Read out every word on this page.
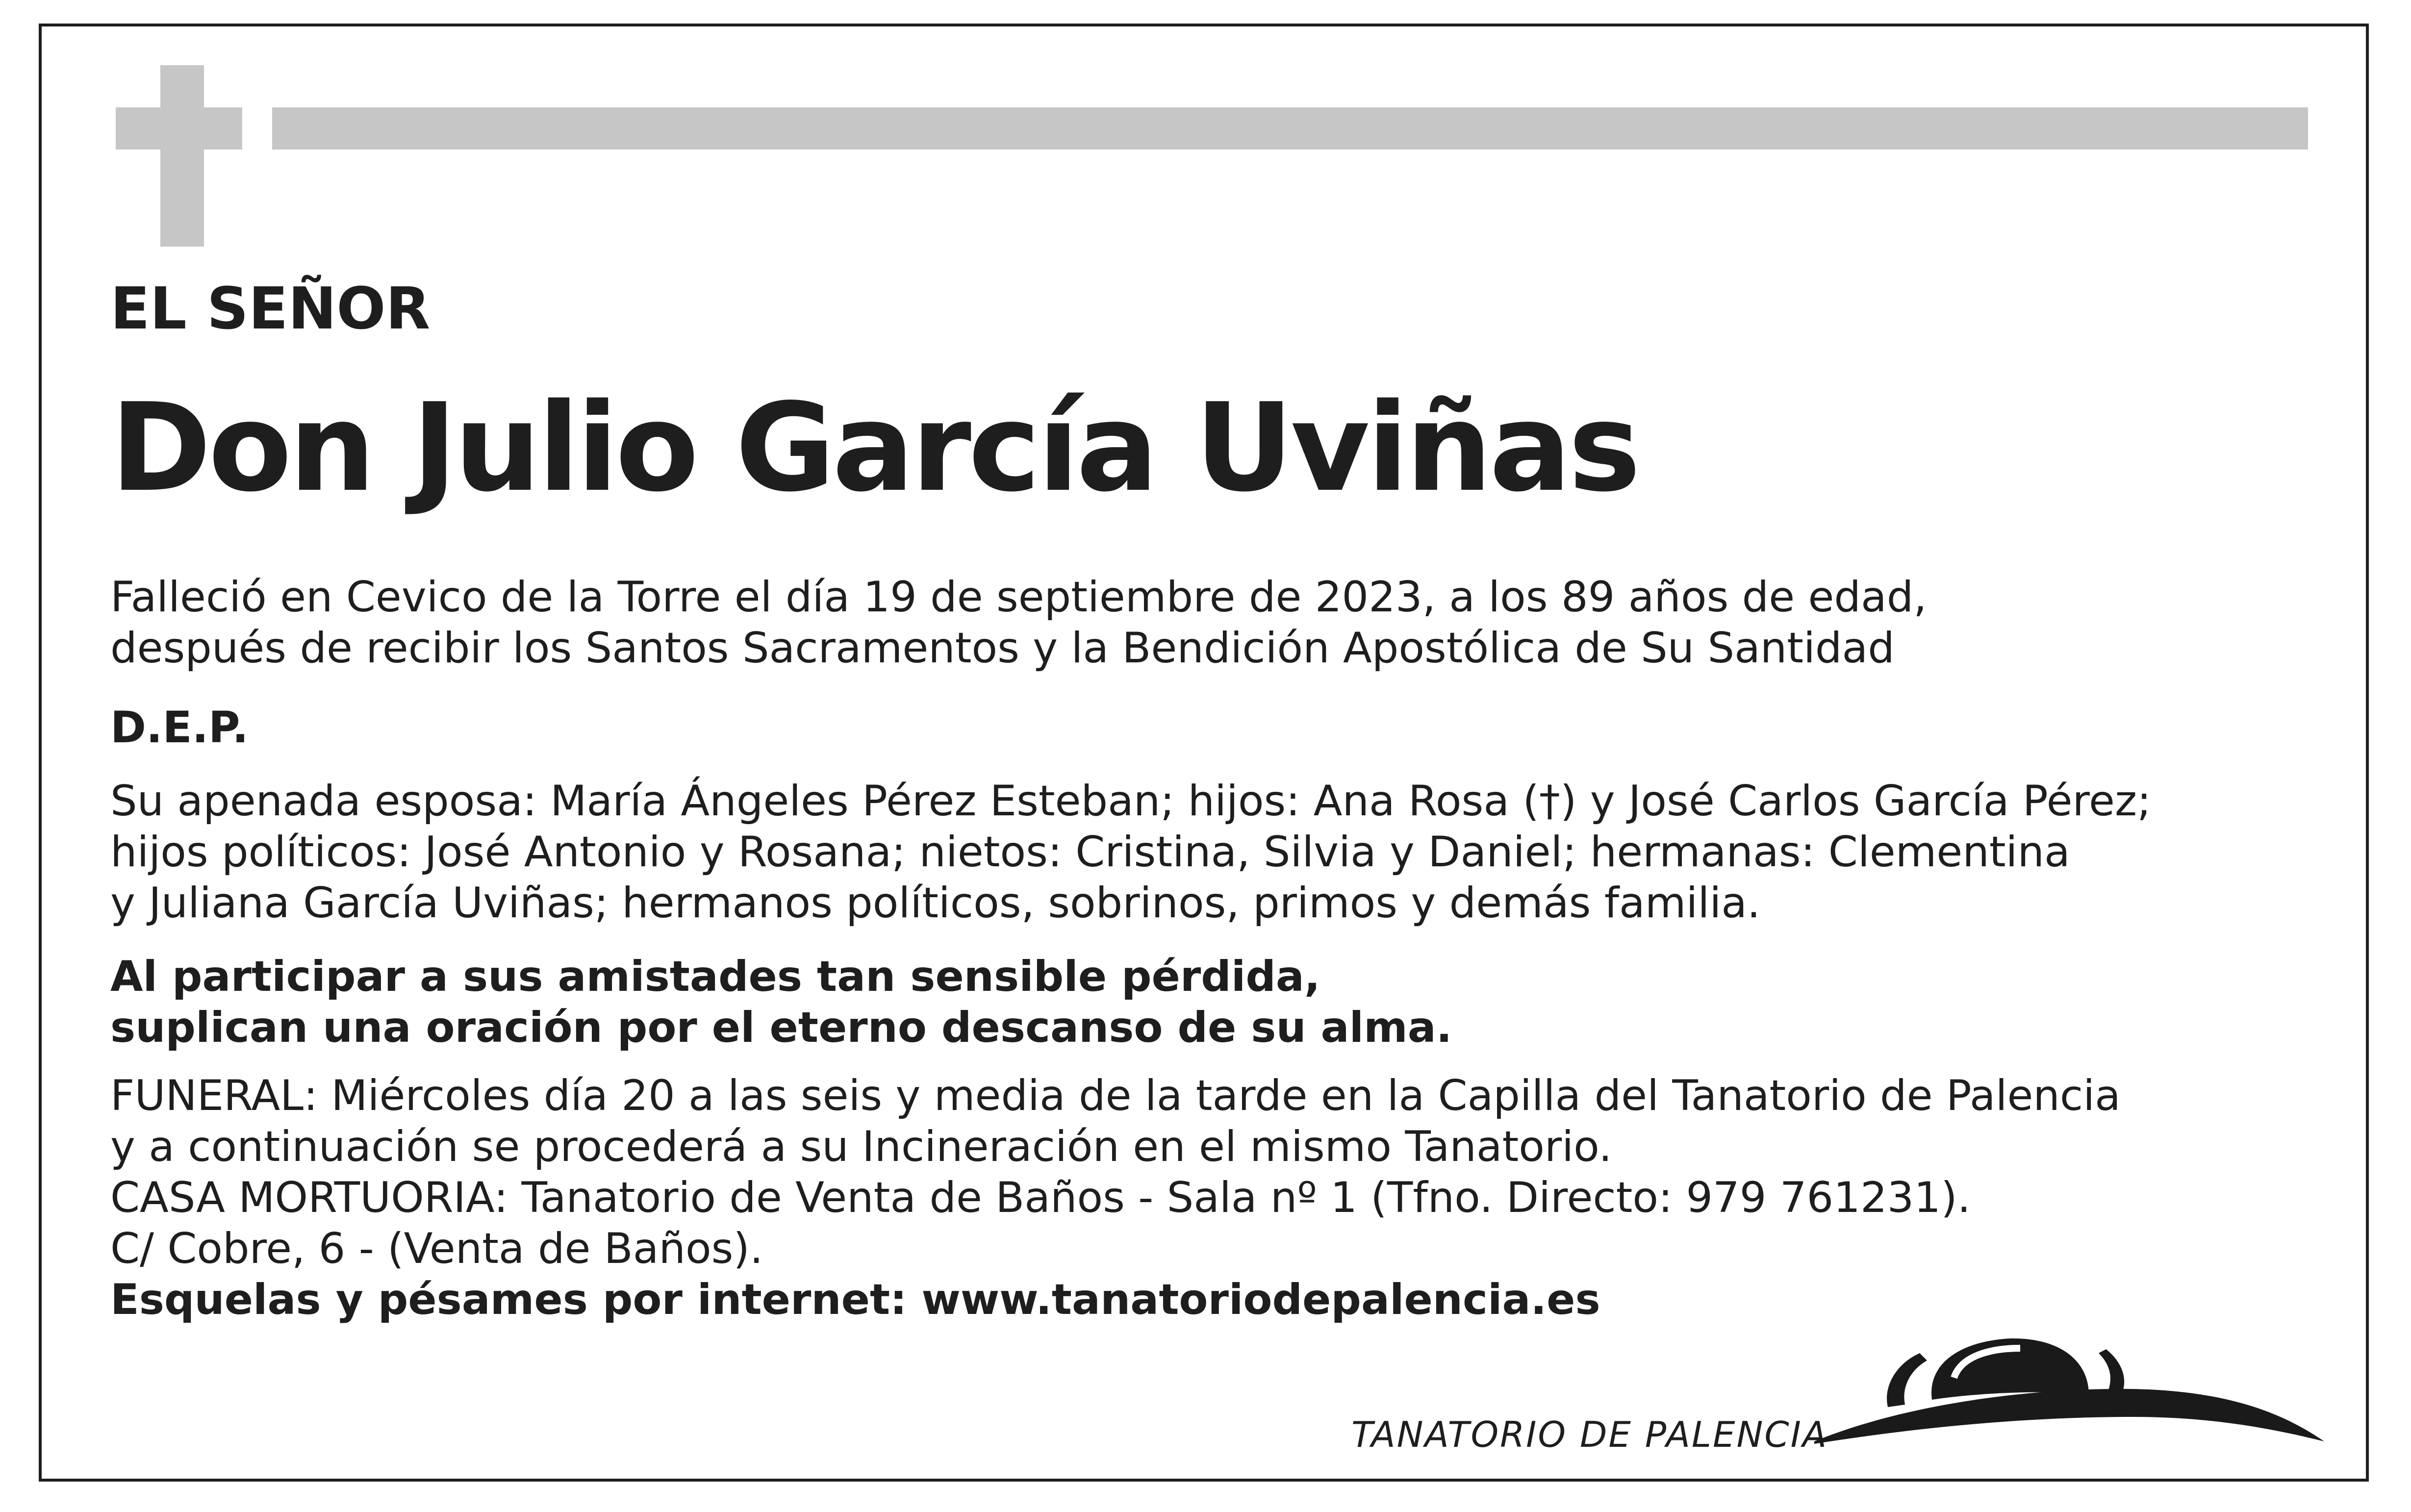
EL SEÑOR
Don Julio García Uviñas
Falleció en Cevico de la Torre el día 19 de septiembre de 2023, a los 89 años de edad,
después de recibir los Santos Sacramentos y la Bendición Apostólica de Su Santidad
D.E.P.
Su apenada esposa: María Ángeles Pérez Esteban; hijos: Ana Rosa (†) y José Carlos García Pérez;
hijos políticos: José Antonio y Rosana; nietos: Cristina, Silvia y Daniel; hermanas: Clementina
y Juliana García Uviñas; hermanos políticos, sobrinos, primos y demás familia.
Al participar a sus amistades tan sensible pérdida,
suplican una oración por el eterno descanso de su alma.
FUNERAL: Miércoles día 20 a las seis y media de la tarde en la Capilla del Tanatorio de Palencia
y a continuación se procederá a su Incineración en el mismo Tanatorio.
CASA MORTUORIA: Tanatorio de Venta de Baños - Sala nº 1 (Tfno. Directo: 979 761231).
C/ Cobre, 6 - (Venta de Baños).
Esquelas y pésames por internet: www.tanatoriodepalencia.es
TANATORIO DE PALENCIA
